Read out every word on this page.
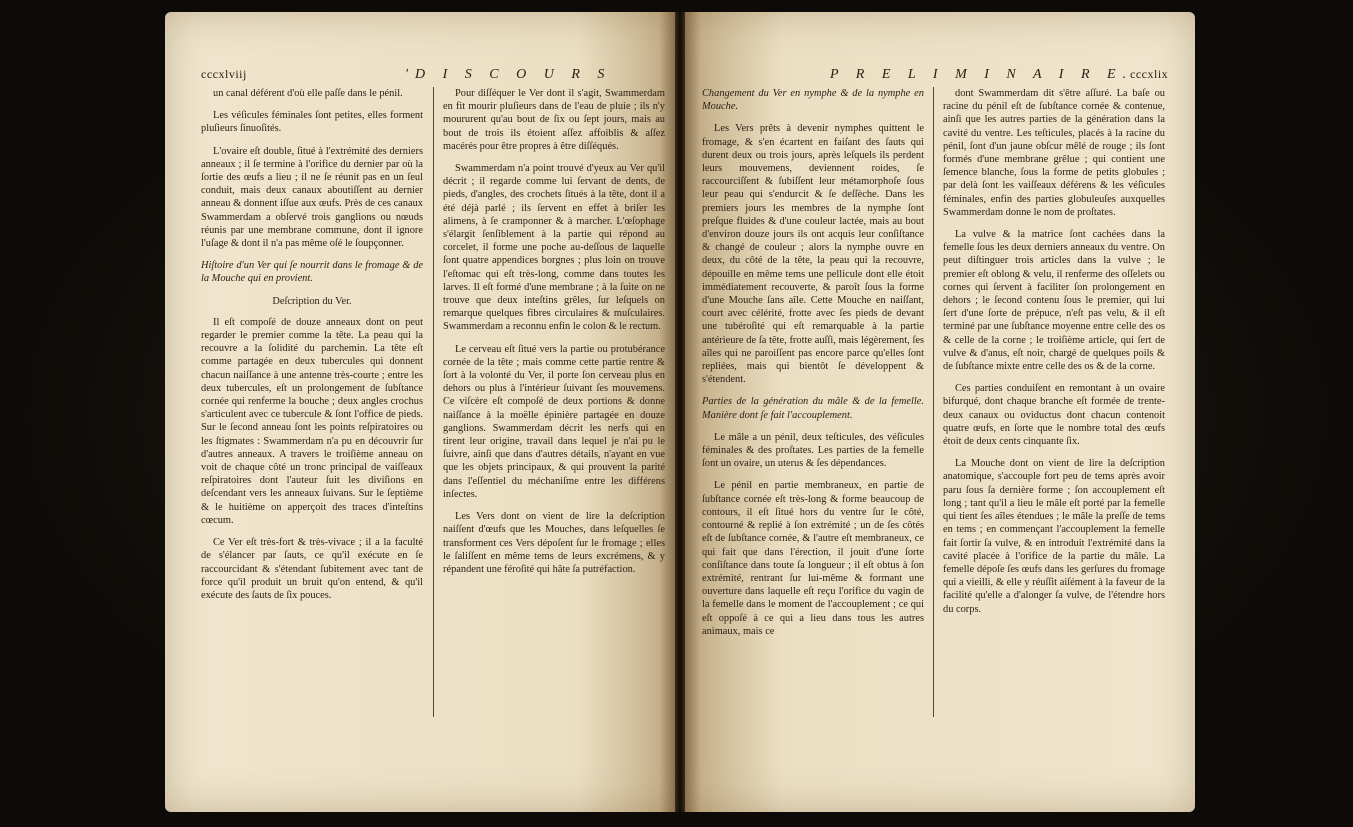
cccxlviij	'D I S C O U R S

un canal déférent d'où elle paſſe dans le pénil.

Les véſicules féminales ſont petites, elles forment pluſieurs ſinuoſités.

L'ovaire eſt double, ſitué à l'extrémité des derniers anneaux ; il ſe termine à l'orifice du dernier par où la ſortie des œufs a lieu ; il ne ſe réunit pas en un ſeul conduit, mais deux canaux aboutiſſent au dernier anneau & donnent iſſue aux œufs. Près de ces canaux Swammerdam a obſervé trois ganglions ou nœuds réunis par une membrane commune, dont il ignore l'uſage & dont il n'a pas même oſé le ſoupçonner.

Hiſtoire d'un Ver qui ſe nourrit dans le fromage & de la Mouche qui en provient.

Deſcription du Ver.

Il eſt compoſé de douze anneaux dont on peut regarder le premier comme la tête. La peau qui la recouvre a la ſolidité du parchemin. La tête eſt comme partagée en deux tubercules qui donnent chacun naiſſance à une antenne très-courte ; entre les deux tubercules, eſt un prolongement de ſubſtance cornée qui renferme la bouche ; deux angles crochus s'articulent avec ce tubercule & ſont l'office de pieds. Sur le ſecond anneau ſont les points reſpiratoires ou les ſtigmates : Swammerdam n'a pu en découvrir ſur d'autres anneaux. A travers le troiſième anneau on voit de chaque côté un tronc principal de vaiſſeaux reſpiratoires dont l'auteur ſuit les diviſions en deſcendant vers les anneaux ſuivans. Sur le ſeptième & le huitième on apperçoit des traces d'inteſtins cœcum.

Ce Ver eſt très-fort & très-vivace ; il a la faculté de s'élancer par ſauts, ce qu'il exécute en ſe raccourcidant & s'étendant ſubitement avec tant de force qu'il produit un bruit qu'on entend, & qu'il exécute des ſauts de ſix pouces.

Pour diſſéquer le Ver dont il s'agit, Swammerdam en fit mourir pluſieurs dans de l'eau de pluie ; ils n'y moururent qu'au bout de ſix ou ſept jours, mais au bout de trois ils étoient aſſez affoiblis & aſſez macérés pour être propres à être diſſéqués.

Swammerdam n'a point trouvé d'yeux au Ver qu'il décrit ; il regarde comme lui ſervant de dents, de pieds, d'angles, des crochets ſitués à la tête, dont il a été déjà parlé ; ils ſervent en effet à briſer les alimens, à ſe cramponner & à marcher. L'œſophage s'élargit ſenſiblement à la partie qui répond au corcelet, il forme une poche au-deſſous de laquelle ſont quatre appendices borgnes ; plus loin on trouve l'eſtomac qui eſt très-long, comme dans toutes les larves. Il eſt formé d'une membrane ; à la ſuite on ne trouve que deux inteſtins grêles, ſur leſquels on remarque quelques fibres circulaires & muſculaires. Swammerdam a reconnu enfin le colon & le rectum.

Le cerveau eſt ſitué vers la partie ou protubérance cornée de la tête ; mais comme cette partie rentre & ſort à la volonté du Ver, il porte ſon cerveau plus en dehors ou plus à l'intérieur ſuivant ſes mouvemens. Ce viſcère eſt compoſé de deux portions & donne naiſſance à la moëlle épinière partagée en douze ganglions. Swammerdam décrit les nerfs qui en tirent leur origine, travail dans lequel je n'ai pu le ſuivre, ainſi que dans d'autres détails, n'ayant en vue que les objets principaux, & qui prouvent la parité dans l'eſſentiel du méchaniſme entre les différens inſectes.

Les Vers dont on vient de lire la deſcription naiſſent d'œufs que les Mouches, dans leſquelles ſe transforment ces Vers dépoſent ſur le fromage ; elles le ſaliſſent en même tems de leurs excrémens, & y répandent une féroſité qui hâte ſa putréfaction.

P R E L I M I N A I R E.
cccxlix

Changement du Ver en nymphe & de la nymphe en Mouche.

Les Vers prêts à devenir nymphes quittent le fromage, & s'en écartent en faiſant des ſauts qui durent deux ou trois jours, après leſquels ils perdent leurs mouvemens, deviennent roides, ſe raccourciſſent & ſubiſſent leur métamorphoſe ſous leur peau qui s'endurcit & ſe deſſèche. Dans les premiers jours les membres de la nymphe ſont preſque fluides & d'une couleur lactée, mais au bout d'environ douze jours ils ont acquis leur conſiſtance & changé de couleur ; alors la nymphe ouvre en deux, du côté de la tête, la peau qui la recouvre, dépouille en même tems une pellicule dont elle étoit immédiatement recouverte, & paroît ſous la forme d'une Mouche ſans aîle. Cette Mouche en naiſſant, court avec célérité, frotte avec ſes pieds de devant une tubéroſité qui eſt remarquable à la partie antérieure de ſa tête, frotte auſſi, mais légèrement, ſes aîles qui ne paroiſſent pas encore parce qu'elles ſont repliées, mais qui bientôt ſe développent & s'étendent.

Parties de la génération du mâle & de la femelle. Manière dont ſe fait l'accouplement.

Le mâle a un pénil, deux teſticules, des véſicules féminales & des proſtates. Les parties de la femelle ſont un ovaire, un uterus & ſes dépendances.

Le pénil en partie membraneux, en partie de ſubſtance cornée eſt très-long & forme beaucoup de contours, il eſt ſitué hors du ventre ſur le côté, contourné & replié à ſon extrémité ; un de ſes côtés eſt de ſubſtance cornée, & l'autre eſt membraneux, ce qui fait que dans l'érection, il jouit d'une ſorte conſiſtance dans toute ſa longueur ; il eſt obtus à ſon extrémité, rentrant ſur lui-même & formant une ouverture dans laquelle eſt reçu l'orifice du vagin de la femelle dans le moment de l'accouplement ; ce qui eſt oppoſé à ce qui a lieu dans tous les autres animaux, mais ce

dont Swammerdam dit s'être aſſuré. La baſe ou racine du pénil eſt de ſubſtance cornée & contenue, ainſi que les autres parties de la génération dans la cavité du ventre. Les teſticules, placés à la racine du pénil, ſont d'un jaune obſcur mêlé de rouge ; ils ſont formés d'une membrane grêlue ; qui contient une ſemence blanche, ſous la forme de petits globules ; par delà ſont les vaiſſeaux déférens & les véſicules féminales, enfin des parties globuleuſes auxquelles Swammerdam donne le nom de proſtates.

La vulve & la matrice ſont cachées dans la femelle ſous les deux derniers anneaux du ventre. On peut diſtinguer trois articles dans la vulve ; le premier eſt oblong & velu, il renferme des oſſelets ou cornes qui ſervent à faciliter ſon prolongement en dehors ; le ſecond contenu ſous le premier, qui lui ſert d'une ſorte de prépuce, n'eſt pas velu, & il eſt terminé par une ſubſtance moyenne entre celle des os & celle de la corne ; le troiſième article, qui ſert de vulve & d'anus, eſt noir, chargé de quelques poils & de ſubſtance mixte entre celle des os & de la corne.

Ces parties conduiſent en remontant à un ovaire bifurqué, dont chaque branche eſt formée de trente-deux canaux ou oviductus dont chacun contenoit quatre œufs, en ſorte que le nombre total des œufs étoit de deux cents cinquante ſix.

La Mouche dont on vient de lire la deſcription anatomique, s'accouple fort peu de tems après avoir paru ſous ſa dernière forme ; ſon accouplement eſt long ; tant qu'il a lieu le mâle eſt porté par la femelle qui tient ſes aîles étendues ; le mâle la preſſe de tems en tems ; en commençant l'accouplement la femelle fait ſortir ſa vulve, & en introduit l'extrémité dans la cavité placée à l'orifice de la partie du mâle. La femelle dépoſe ſes œufs dans les gerſures du fromage qui a vieilli, & elle y réuſſit aiſément à la faveur de la facilité qu'elle a d'alonger ſa vulve, de l'étendre hors du corps.
